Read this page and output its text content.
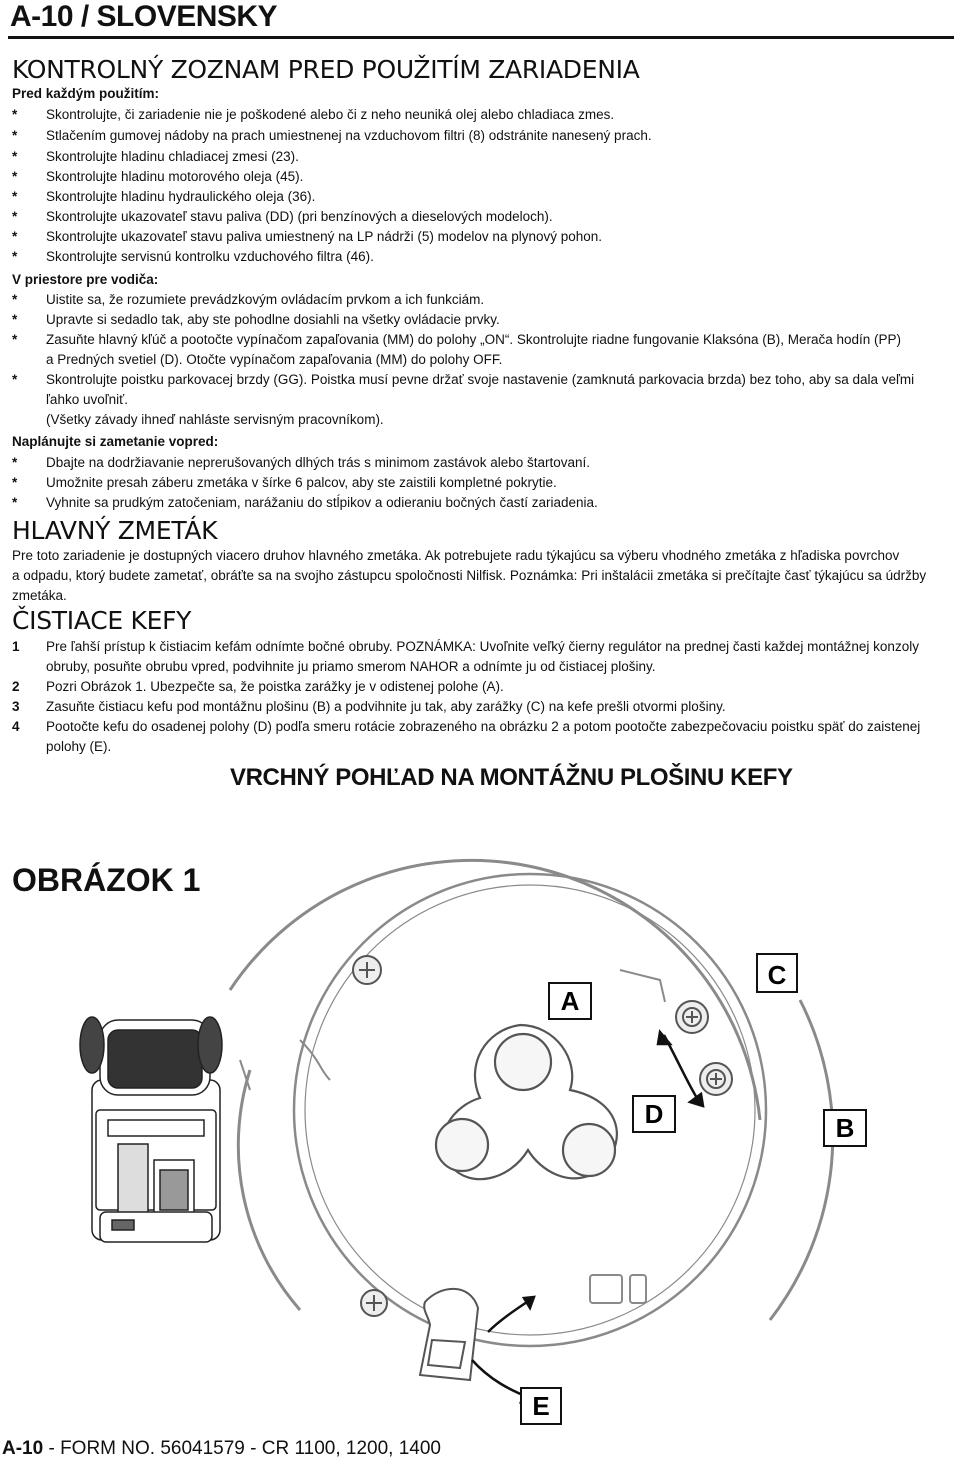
A-10 / SLOVENSKY
KONTROLNÝ ZOZNAM PRED POUŽITÍM ZARIADENIA
Pred každým použitím:
* Skontrolujte, či zariadenie nie je poškodené alebo či z neho neuniká olej alebo chladiaca zmes.
* Stlačením gumovej nádoby na prach umiestnenej na vzduchovom filtri (8) odstránite nanesený prach.
* Skontrolujte hladinu chladiacej zmesi (23).
* Skontrolujte hladinu motorového oleja (45).
* Skontrolujte hladinu hydraulického oleja (36).
* Skontrolujte ukazovateľ stavu paliva (DD) (pri benzínových a dieselových modeloch).
* Skontrolujte ukazovateľ stavu paliva umiestnený na LP nádrži (5) modelov na plynový pohon.
* Skontrolujte servisnú kontrolku vzduchového filtra (46).
V priestore pre vodiča:
* Uistite sa, že rozumiete prevádzkovým ovládacím prvkom a ich funkciám.
* Upravte si sedadlo tak, aby ste pohodlne dosiahli na všetky ovládacie prvky.
* Zasuňte hlavný kľúč a pootočte vypínačom zapaľovania (MM) do polohy „ON“. Skontrolujte riadne fungovanie Klaksóna (B), Merača hodín (PP)
a Predných svetiel (D). Otočte vypínačom zapaľovania (MM) do polohy OFF.
* Skontrolujte poistku parkovacej brzdy (GG). Poistka musí pevne držať svoje nastavenie (zamknutá parkovacia brzda) bez toho, aby sa dala veľmi
ľahko uvoľniť.
(Všetky závady ihneď nahláste servisným pracovníkom).
Naplánujte si zametanie vopred:
* Dbajte na dodržiavanie neprerušovaných dlhých trás s minimom zastávok alebo štartovaní.
* Umožnite presah záberu zmetáka v šírke 6 palcov, aby ste zaistili kompletné pokrytie.
* Vyhnite sa prudkým zatočeniam, narážaniu do stĺpikov a odieraniu bočných častí zariadenia.
HLAVNÝ ZMETÁK
Pre toto zariadenie je dostupných viacero druhov hlavného zmetáka. Ak potrebujete radu týkajúcu sa výberu vhodného zmetáka z hľadiska povrchov
a odpadu, ktorý budete zametať, obráťte sa na svojho zástupcu spoločnosti Nilfisk. Poznámka: Pri inštalácii zmetáka si prečítajte časť týkajúcu sa údržby
zmetáka.
ČISTIACE KEFY
1 Pre ľahší prístup k čistiacim kefám odnímte bočné obruby. POZNÁMKA: Uvoľnite veľký čierny regulátor na prednej časti každej montážnej konzoly
obruby, posuňte obrubu vpred, podvihnite ju priamo smerom NAHOR a odnímte ju od čistiacej plošiny.
2 Pozri Obrázok 1. Ubezpečte sa, že poistka zarážky je v odistenej polohe (A).
3 Zasuňte čistiacu kefu pod montážnu plošinu (B) a podvihnite ju tak, aby zarážky (C) na kefe prešli otvormi plošiny.
4 Pootočte kefu do osadenej polohy (D) podľa smeru rotácie zobrazeného na obrázku 2 a potom pootočte zabezpečovaciu poistku späť do zaistenej
polohy (E).
VRCHNÝ POHĽAD NA MONTÁŽNU PLOŠINU KEFY
OBRÁZOK 1
C
D	B
A
E
A-10 - FORM NO. 56041579 - CR 1100, 1200, 1400
